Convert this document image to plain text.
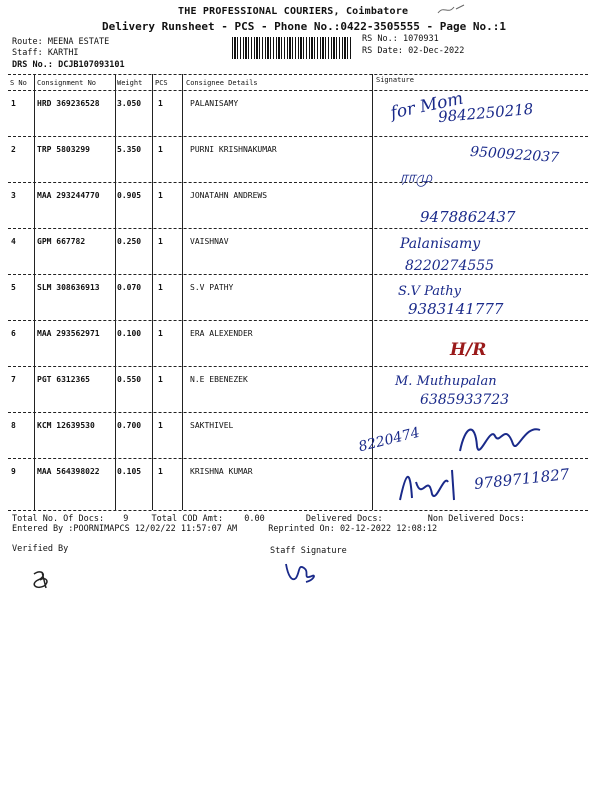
THE PROFESSIONAL COURIERS, Coimbatore
Delivery Runsheet - PCS - Phone No.:0422-3505555 - Page No.:1
Route: MEENA ESTATE
Staff: KARTHI
DRS No.: DCJB107093101
RS No.: 1070931
RS Date: 02-Dec-2022
S No Consignment No	Weight PCS	Consignee Details	Signature
1	HRD 369236528 3.050 1	PALANISAMY	for Mom
9842250218
2	TRP 5803299	5.350 1	PURNI KRISHNAKUMAR	9500922037
3	MAA 293244770 0.905 1	JONATAHN ANDREWS
ராமு
9478862437
4	GPM 667782	0.250 1	VAISHNAV	Palanisamy
8220274555
5	SLM 308636913 0.070 1	S.V PATHY	S.V Pathy
9383141777
6	MAA 293562971 0.100 1	ERA ALEXENDER
H/R
7	PGT 6312365	0.550 1	N.E EBENEZEK	M. Muthupalan
6385933723
8	KCM 12639530	0.700 1	SAKTHIVEL	8220474
9	MAA 564398022 0.105 1	KRISHNA KUMAR	9789711827
Total No. Of Docs: 9	Total COD Amt: 0.00	Delivered Docs:	Non Delivered Docs:
Entered By :POORNIMAPCS 12/02/22 11:57:07 AM	Reprinted On: 02-12-2022 12:08:12
Verified By	Staff Signature
